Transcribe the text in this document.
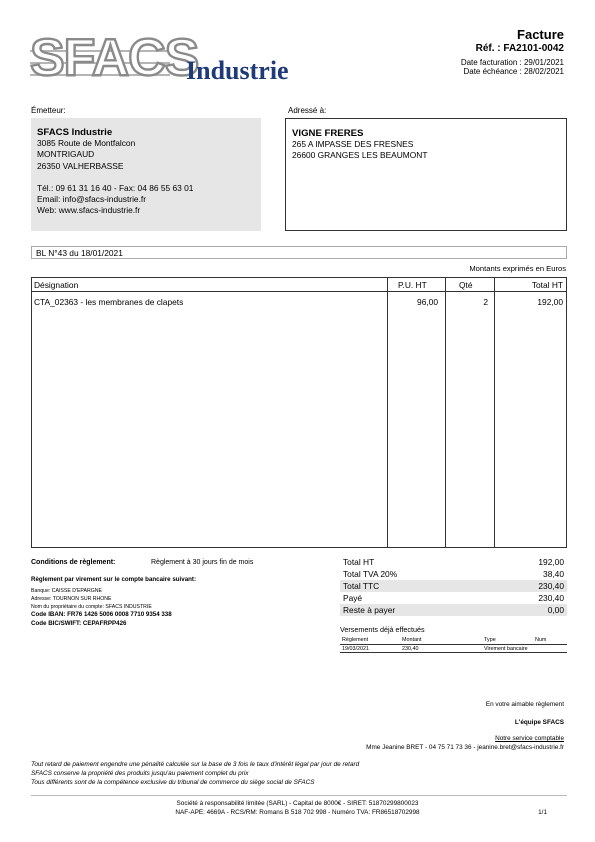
SFACS
Industrie
Facture
Réf. : FA2101-0042
Date facturation : 29/01/2021
Date échéance : 28/02/2021
Émetteur:
SFACS Industrie
3085 Route de Montfalcon
MONTRIGAUD
26350 VALHERBASSE
Tél.: 09 61 31 16 40 - Fax: 04 86 55 63 01
Email: info@sfacs-industrie.fr
Web: www.sfacs-industrie.fr
Adressé à:
VIGNE FRERES
265 A IMPASSE DES FRESNES
26600 GRANGES LES BEAUMONT
BL N°43 du 18/01/2021
Montants exprimés en Euros
Désignation	P.U. HT	Qté	Total HT
CTA_02363 - les membranes de clapets	96,00	2	192,00
Conditions de règlement:	Règlement à 30 jours fin de mois
Règlement par virement sur le compte bancaire suivant:
Banque: CAISSE D'EPARGNE
Adresse: TOURNON SUR RHONE
Nom du propriétaire du compte: SFACS INDUSTRIE
Code IBAN: FR76 1426 5006 0008 7710 9354 338
Code BIC/SWIFT: CEPAFRPP426
Total HT	192,00
Total TVA 20%	38,40
Total TTC	230,40
Payé	230,40
Reste à payer	0,00
Versements déjà effectués
Règlement	Montant	Type	Num
19/03/2021	230,40	Virement bancaire
En votre aimable règlement
L'équipe SFACS
Notre service comptable
Mme Jeanine BRET - 04 75 71 73 36 - jeanine.bret@sfacs-industrie.fr
Tout retard de paiement engendre une pénalité calculée sur la base de 3 fois le taux d'intérêt légal par jour de retard
SFACS conserve la propriété des produits jusqu'au paiement complet du prix
Tous différents sont de la compétence exclusive du tribunal de commerce du siège social de SFACS
Société à responsabilité limitée (SARL) - Capital de 8000€ - SIRET: 51870299800023
NAF-APE: 4669A - RCS/RM: Romans B 518 702 998 - Numéro TVA: FR86518702998	1/1
